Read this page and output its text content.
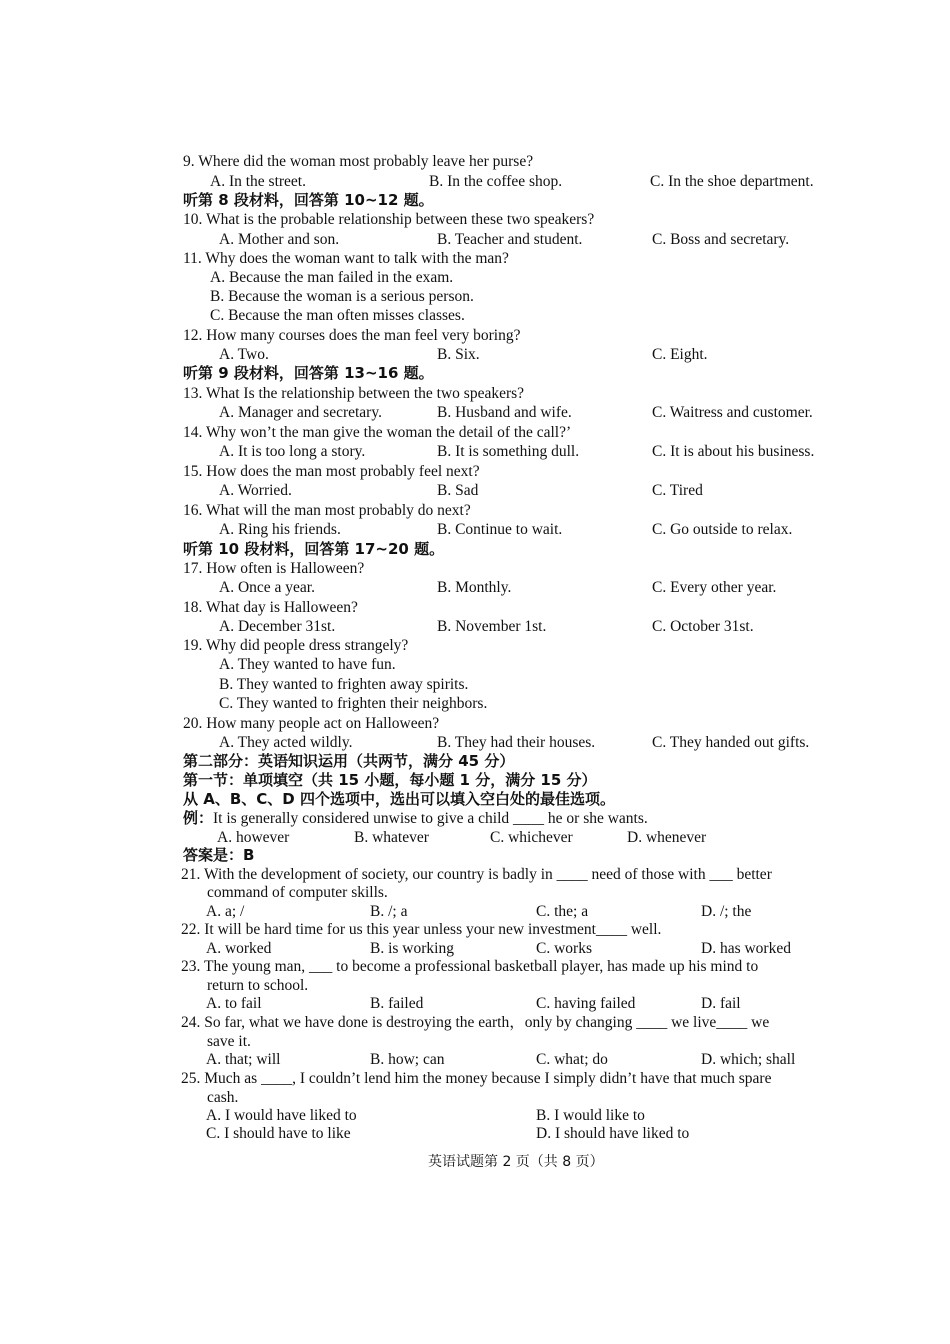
9. Where did the woman most probably leave her purse?
A. In the street.	B. In the coffee shop.	C. In the shoe department.
听第 8 段材料，回答第 10~12 题。
10. What is the probable relationship between these two speakers?
A. Mother and son.	B. Teacher and student.	C. Boss and secretary.
11. Why does the woman want to talk with the man?
A. Because the man failed in the exam.
B. Because the woman is a serious person.
C. Because the man often misses classes.
12. How many courses does the man feel very boring?
A. Two.	B. Six.	C. Eight.
听第 9 段材料，回答第 13~16 题。
13. What Is the relationship between the two speakers?
A. Manager and secretary.	B. Husband and wife.	C. Waitress and customer.
14. Why won’t the man give the woman the detail of the call?’
A. It is too long a story.	B. It is something dull.	C. It is about his business.
15. How does the man most probably feel next?
A. Worried.	B. Sad	C. Tired
16. What will the man most probably do next?
A. Ring his friends.	B. Continue to wait.	C. Go outside to relax.
听第 10 段材料，回答第 17~20 题。
17. How often is Halloween?
A. Once a year.	B. Monthly.	C. Every other year.
18. What day is Halloween?
A. December 31st.	B. November 1st.	C. October 31st.
19. Why did people dress strangely?
A. They wanted to have fun.
B. They wanted to frighten away spirits.
C. They wanted to frighten their neighbors.
20. How many people act on Halloween?
A. They acted wildly.	B. They had their houses.	C. They handed out gifts.
第二部分：英语知识运用（共两节，满分 45 分）
第一节：单项填空（共 15 小题，每小题 1 分，满分 15 分）
从 A、B、C、D 四个选项中，选出可以填入空白处的最佳选项。
例：It is generally considered unwise to give a child ____ he or she wants.
A. however	B. whatever	C. whichever	D. whenever
答案是：B
21. With the development of society, our country is badly in ____ need of those with ___ better
command of computer skills.
A. a; /	B. /; a	C. the; a	D. /; the
22. It will be hard time for us this year unless your new investment____ well.
A. worked	B. is working	C. works	D. has worked
23. The young man, ___ to become a professional basketball player, has made up his mind to
return to school.
A. to fail	B. failed	C. having failed	D. fail
24. So far, what we have done is destroying the earth，only by changing ____ we live____ we
save it.
A. that; will	B. how; can	C. what; do	D. which; shall
25. Much as ____, I couldn’t lend him the money because I simply didn’t have that much spare
cash.
A. I would have liked to	B. I would like to
C. I should have to like	D. I should have liked to
英语试题第 2 页（共 8 页）
